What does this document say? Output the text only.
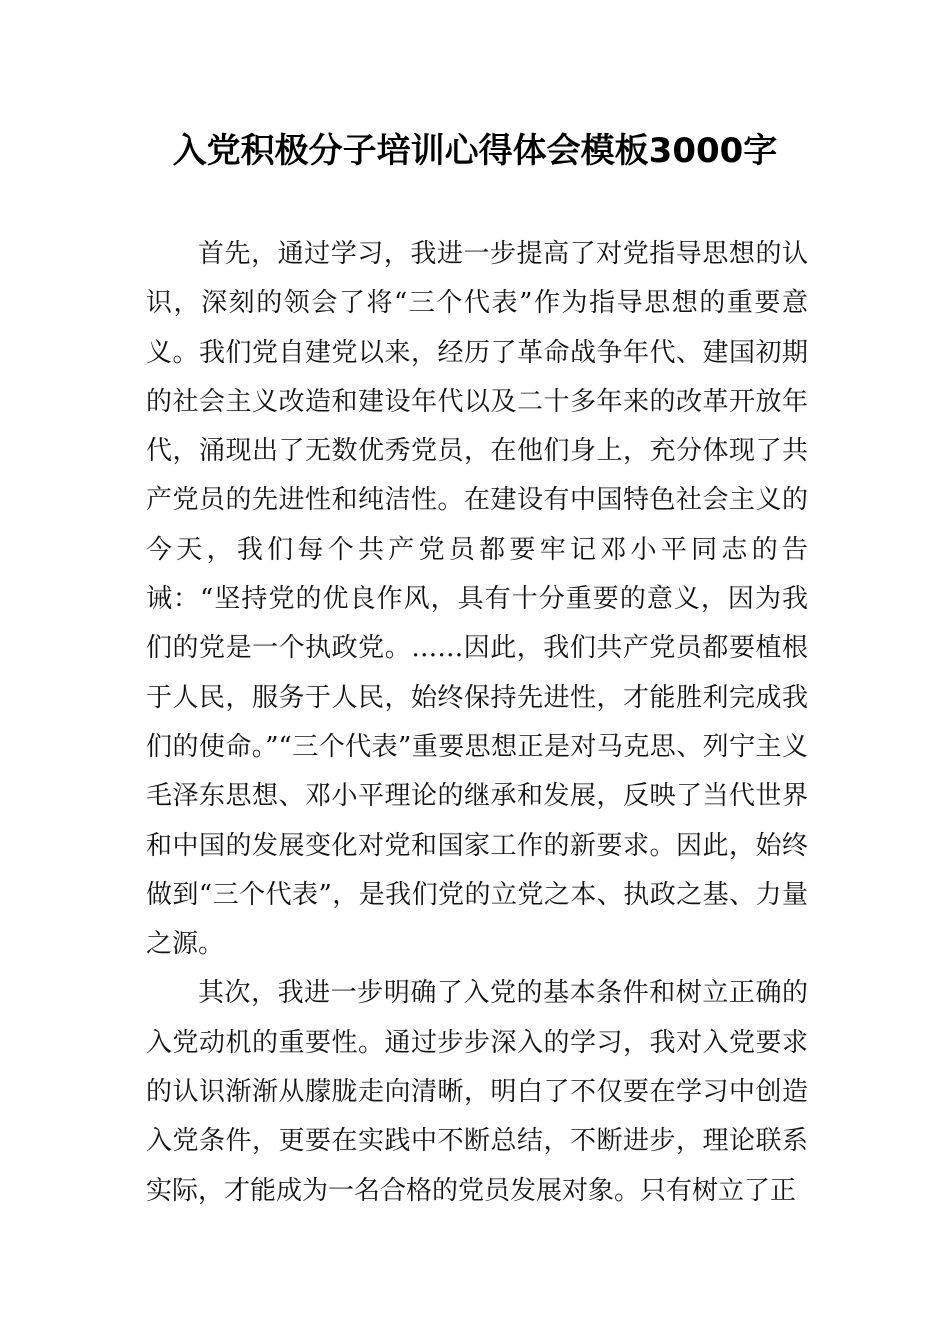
入党积极分子培训心得体会模板3000字

首先，通过学习，我进一步提高了对党指导思想的认识，深刻的领会了将“三个代表”作为指导思想的重要意义。我们党自建党以来，经历了革命战争年代、建国初期的社会主义改造和建设年代以及二十多年来的改革开放年代，涌现出了无数优秀党员，在他们身上，充分体现了共产党员的先进性和纯洁性。在建设有中国特色社会主义的今天，我们每个共产党员都要牢记邓小平同志的告诫：“坚持党的优良作风，具有十分重要的意义，因为我们的党是一个执政党。……因此，我们共产党员都要植根于人民，服务于人民，始终保持先进性，才能胜利完成我们的使命。”“三个代表”重要思想正是对马克思、列宁主义毛泽东思想、邓小平理论的继承和发展，反映了当代世界和中国的发展变化对党和国家工作的新要求。因此，始终做到“三个代表”，是我们党的立党之本、执政之基、力量之源。

其次，我进一步明确了入党的基本条件和树立正确的入党动机的重要性。通过步步深入的学习，我对入党要求的认识渐渐从朦胧走向清晰，明白了不仅要在学习中创造入党条件，更要在实践中不断总结，不断进步，理论联系实际，才能成为一名合格的党员发展对象。只有树立了正
